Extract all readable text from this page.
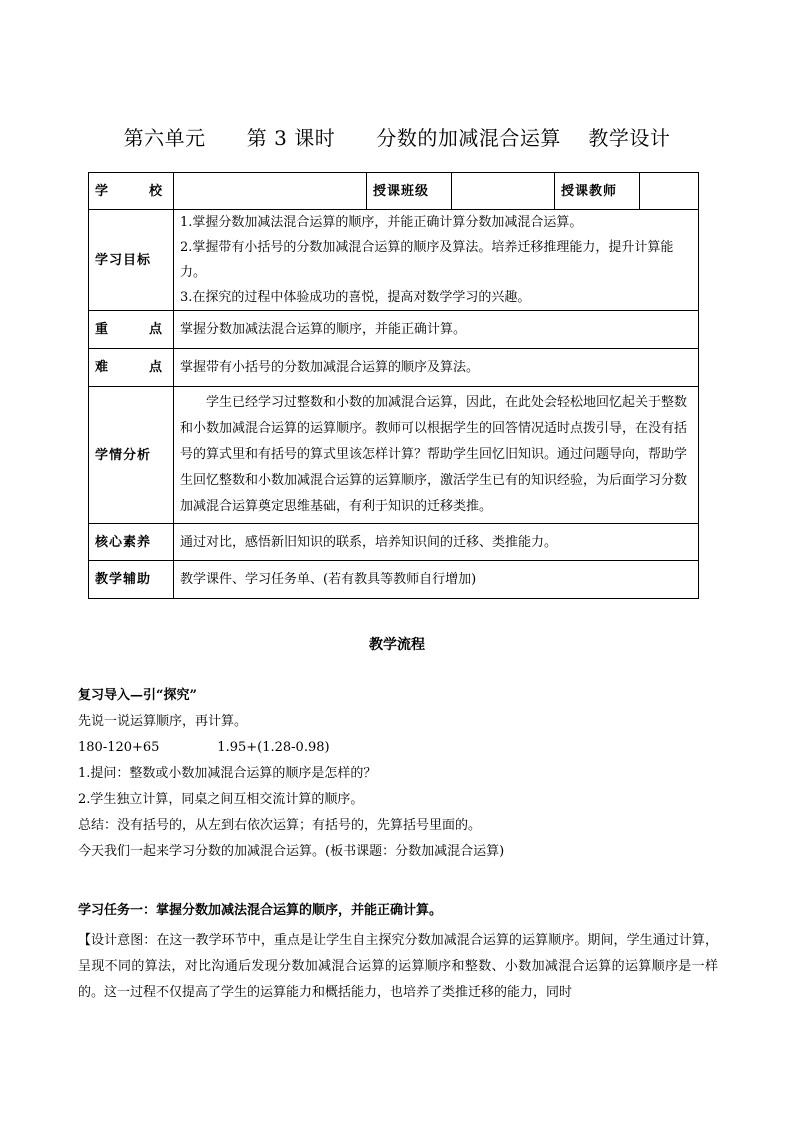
第六单元      第 3 课时      分数的加减混合运算    教学设计
学 校		授课班级		授课教师	
学习目标	1.掌握分数加减法混合运算的顺序，并能正确计算分数加减混合运算。
2.掌握带有小括号的分数加减混合运算的顺序及算法。培养迁移推理能力，提升计算能力。
3.在探究的过程中体验成功的喜悦，提高对数学学习的兴趣。				

重 点	掌握分数加减法混合运算的顺序，并能正确计算。				

难 点	掌握带有小括号的分数加减混合运算的顺序及算法。				
学情分析	学生已经学习过整数和小数的加减混合运算，因此，在此处会轻松地回忆起关于整数和小数加减混合运算的运算顺序。教师可以根据学生的回答情况适时点拨引导，在没有括号的算式里和有括号的算式里该怎样计算？帮助学生回忆旧知识。通过问题导向，帮助学生回忆整数和小数加减混合运算的运算顺序，激活学生已有的知识经验，为后面学习分数加减混合运算奠定思维基础，有利于知识的迁移类推。				
核心素养	通过对比，感悟新旧知识的联系，培养知识间的迁移、类推能力。				
教学辅助	教学课件、学习任务单、(若有教具等教师自行增加)				
教学流程
复习导入—引“探究”
先说一说运算顺序，再计算。
180-120+65              1.95+(1.28-0.98)
1.提问：整数或小数加减混合运算的顺序是怎样的？
2.学生独立计算，同桌之间互相交流计算的顺序。
总结：没有括号的，从左到右依次运算；有括号的，先算括号里面的。
今天我们一起来学习分数的加减混合运算。(板书课题：分数加减混合运算)
学习任务一：掌握分数加减法混合运算的顺序，并能正确计算。
【设计意图：在这一教学环节中，重点是让学生自主探究分数加减混合运算的运算顺序。期间，学生通过计算，呈现不同的算法，对比沟通后发现分数加减混合运算的运算顺序和整数、小数加减混合运算的运算顺序是一样的。这一过程不仅提高了学生的运算能力和概括能力，也培养了类推迁移的能力，同时
